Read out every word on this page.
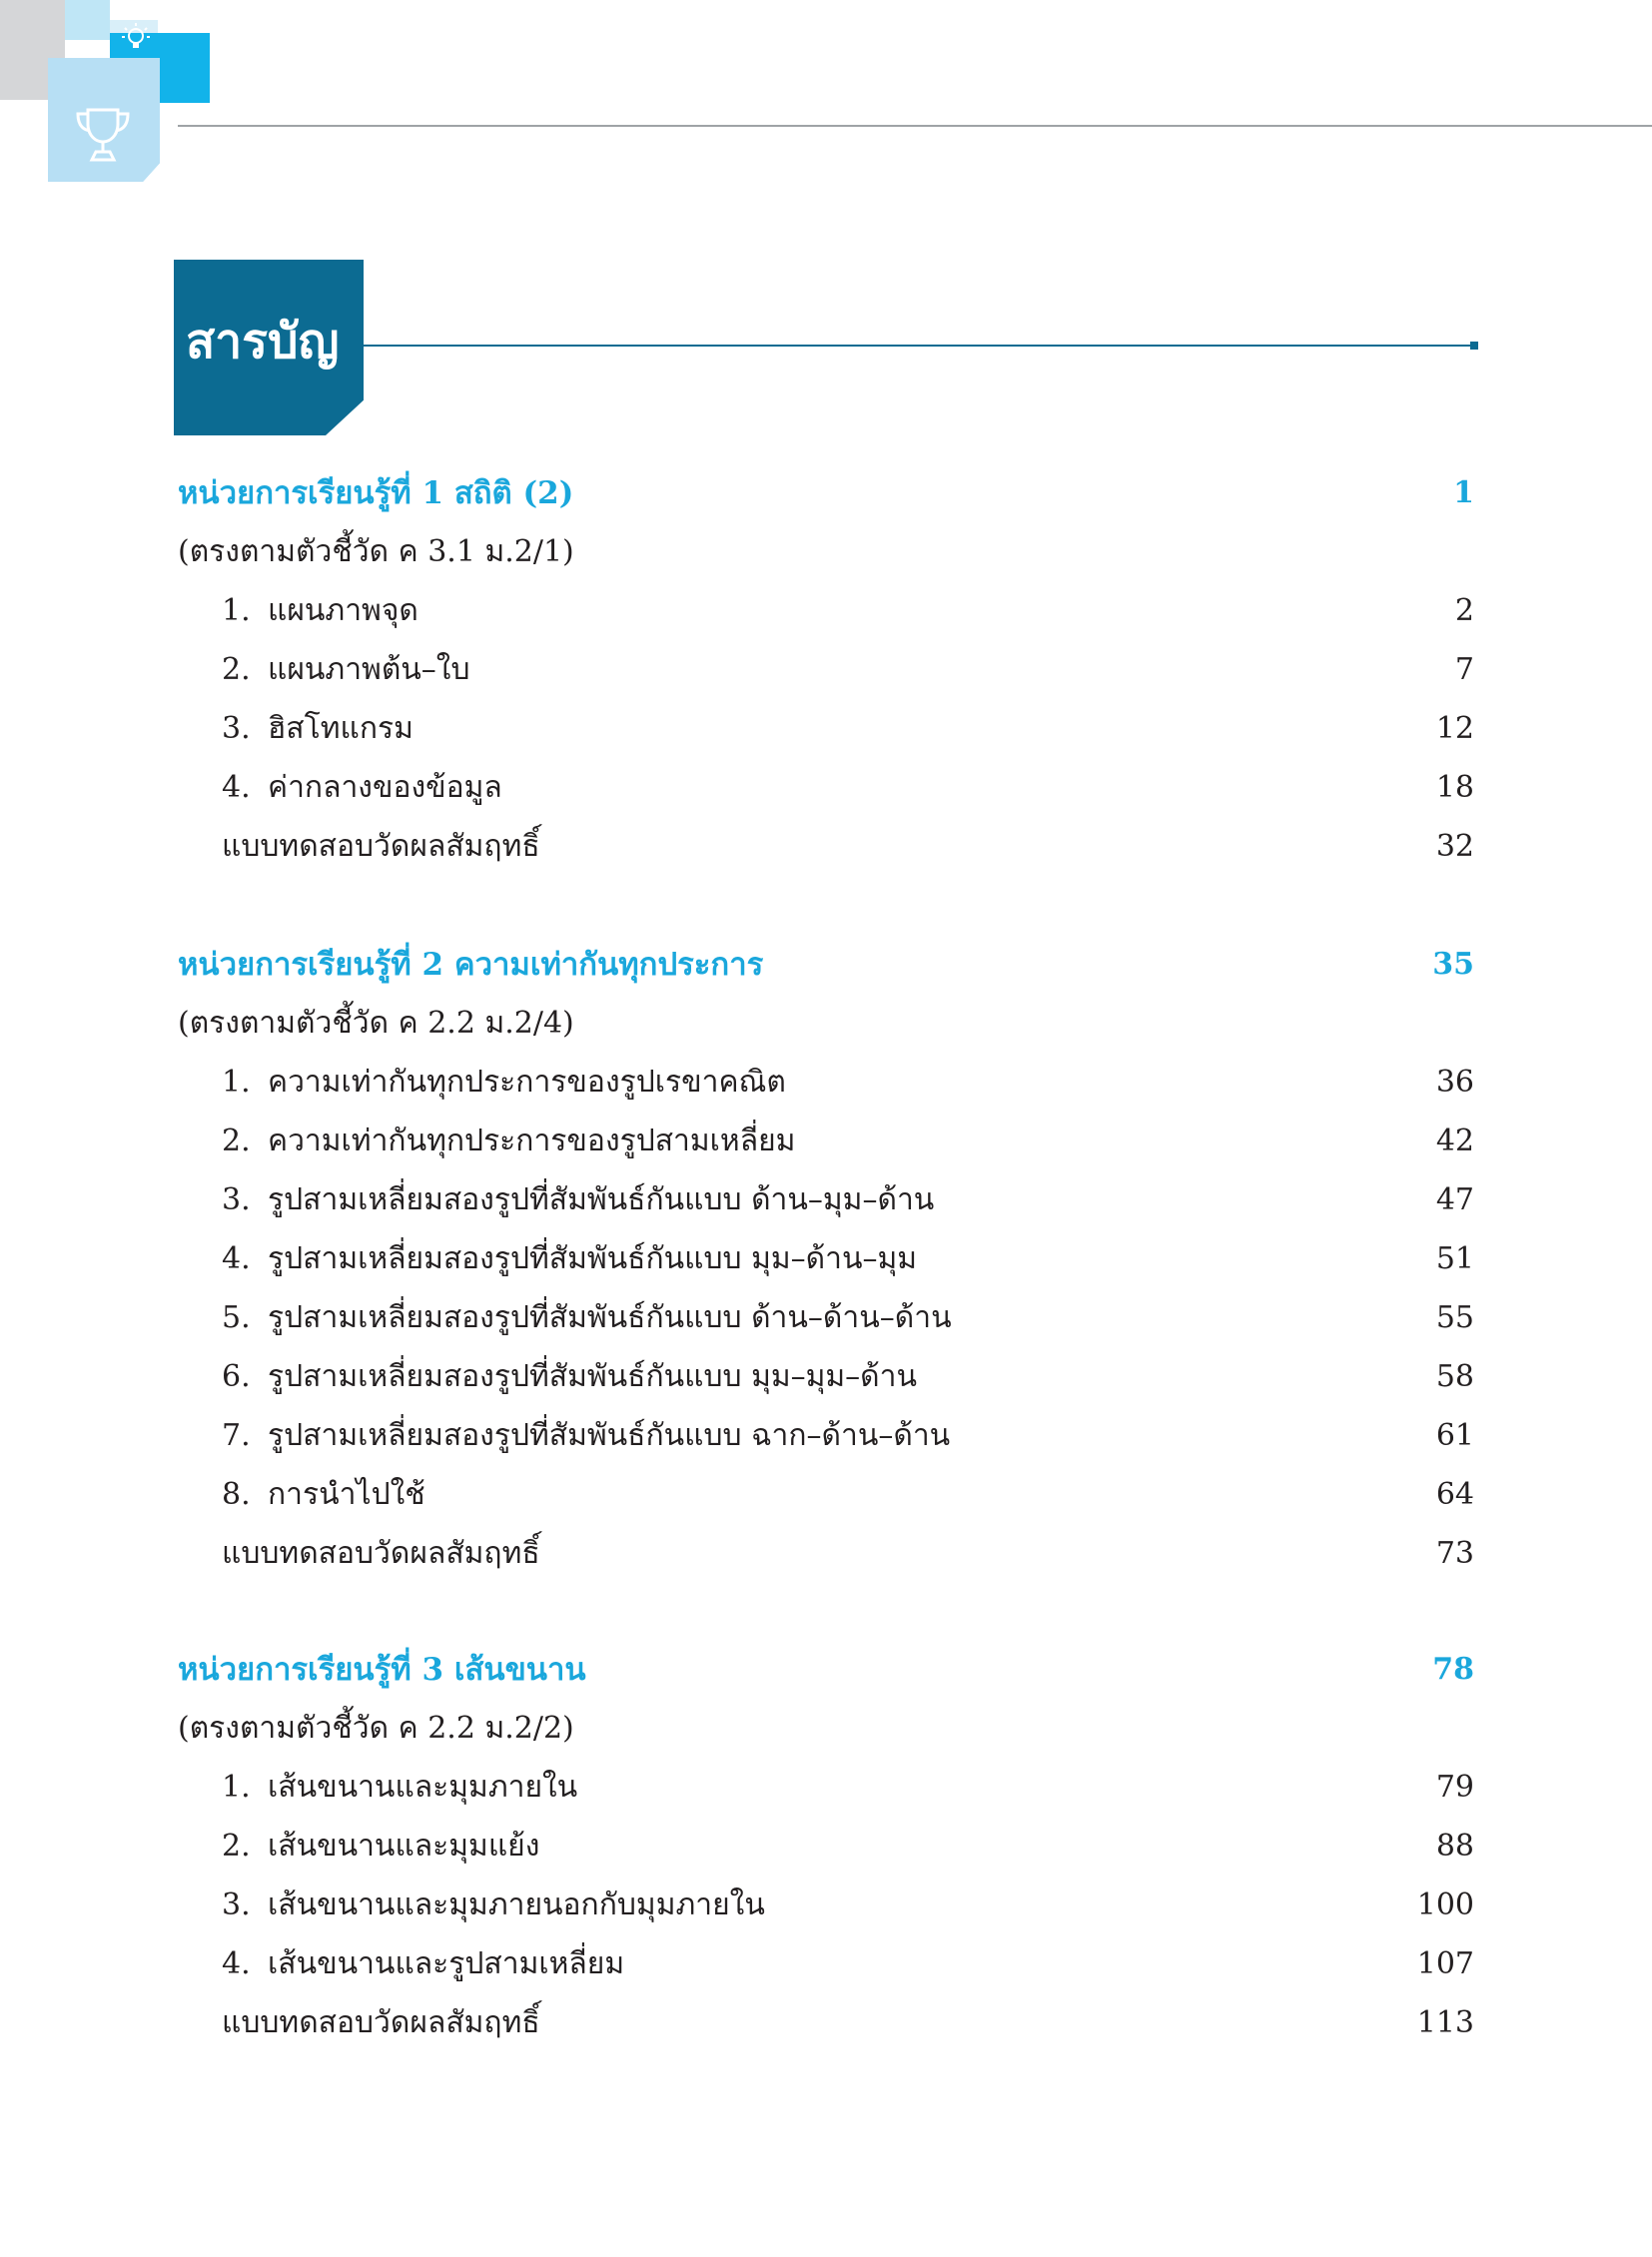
สารบัญ
หน่วยการเรียนรู้ที่ 1 สถิติ (2)	1
(ตรงตามตัวชี้วัด ค 3.1 ม.2/1)
1. แผนภาพจุด	2
2. แผนภาพต้น–ใบ	7
3. ฮิสโทแกรม	12
4. ค่ากลางของข้อมูล	18
แบบทดสอบวัดผลสัมฤทธิ์	32
หน่วยการเรียนรู้ที่ 2 ความเท่ากันทุกประการ	35
(ตรงตามตัวชี้วัด ค 2.2 ม.2/4)
1. ความเท่ากันทุกประการของรูปเรขาคณิต	36
2. ความเท่ากันทุกประการของรูปสามเหลี่ยม	42
3. รูปสามเหลี่ยมสองรูปที่สัมพันธ์กันแบบ ด้าน–มุม–ด้าน	47
4. รูปสามเหลี่ยมสองรูปที่สัมพันธ์กันแบบ มุม–ด้าน–มุม	51
5. รูปสามเหลี่ยมสองรูปที่สัมพันธ์กันแบบ ด้าน–ด้าน–ด้าน	55
6. รูปสามเหลี่ยมสองรูปที่สัมพันธ์กันแบบ มุม–มุม–ด้าน	58
7. รูปสามเหลี่ยมสองรูปที่สัมพันธ์กันแบบ ฉาก–ด้าน–ด้าน	61
8. การนำไปใช้	64
แบบทดสอบวัดผลสัมฤทธิ์	73
หน่วยการเรียนรู้ที่ 3 เส้นขนาน	78
(ตรงตามตัวชี้วัด ค 2.2 ม.2/2)
1. เส้นขนานและมุมภายใน	79
2. เส้นขนานและมุมแย้ง	88
3. เส้นขนานและมุมภายนอกกับมุมภายใน	100
4. เส้นขนานและรูปสามเหลี่ยม	107
แบบทดสอบวัดผลสัมฤทธิ์	113
